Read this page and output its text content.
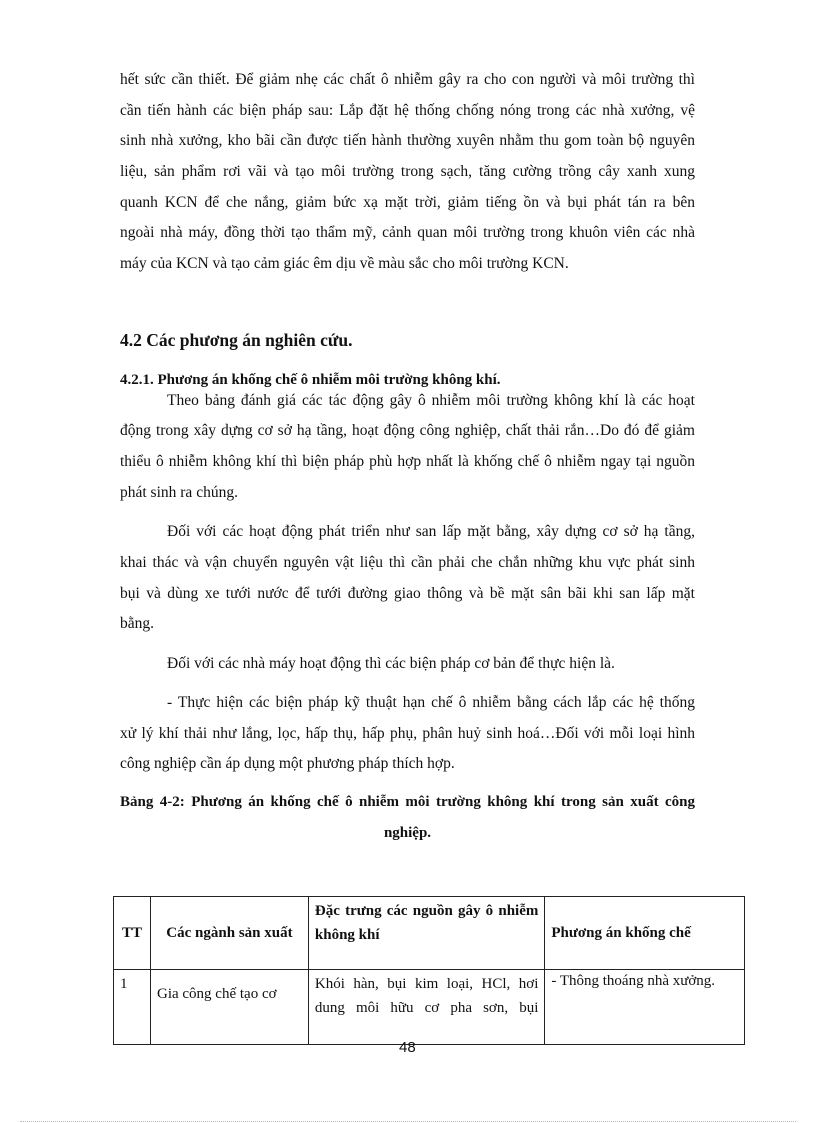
hết sức cần thiết. Để giảm nhẹ các chất ô nhiễm gây ra cho con người và môi trường thì
cần tiến hành các biện pháp sau: Lắp đặt hệ thống chống nóng trong các nhà xưởng, vệ
sinh nhà xưởng, kho bãi cần được tiến hành thường xuyên nhằm thu gom toàn bộ nguyên
liệu, sản phẩm rơi vãi và tạo môi trường trong sạch, tăng cường trồng cây xanh xung
quanh KCN để che nắng, giảm bức xạ mặt trời, giảm tiếng ồn và bụi phát tán ra bên
ngoài nhà máy, đồng thời tạo thẩm mỹ, cảnh quan môi trường trong khuôn viên các nhà
máy của KCN và tạo cảm giác êm dịu về màu sắc cho môi trường KCN.
4.2 Các phương án nghiên cứu.
4.2.1. Phương án khống chế ô nhiễm môi trường không khí.
Theo bảng đánh giá các tác động gây ô nhiễm môi trường không khí là các hoạt
động trong xây dựng cơ sở hạ tầng, hoạt động công nghiệp, chất thải rắn…Do đó để giảm
thiểu ô nhiễm không khí thì biện pháp phù hợp nhất là khống chế ô nhiễm ngay tại nguồn
phát sinh ra chúng.
Đối với các hoạt động phát triển như san lấp mặt bằng, xây dựng cơ sở hạ tầng,
khai thác và vận chuyển nguyên vật liệu thì cần phải che chắn những khu vực phát sinh
bụi và dùng xe tưới nước để tưới đường giao thông và bề mặt sân bãi khi san lấp mặt
bằng.
Đối với các nhà máy hoạt động thì các biện pháp cơ bản để thực hiện là.
- Thực hiện các biện pháp kỹ thuật hạn chế ô nhiễm bằng cách lắp các hệ thống
xử lý khí thải như lắng, lọc, hấp thụ, hấp phụ, phân huỷ sinh hoá…Đối với mỗi loại hình
công nghiệp cần áp dụng một phương pháp thích hợp.
Bảng 4-2: Phương án khống chế ô nhiễm môi trường không khí trong sản xuất công
nghiệp.
TT	Các ngành sản xuất	Đặc trưng các nguồn gây ô nhiễm không khí	Phương án khống chế
1	Gia công chế tạo cơ	Khói hàn, bụi kim loại, HCl, hơi dung môi hữu cơ pha sơn, bụi	- Thông thoáng nhà xưởng.
48
